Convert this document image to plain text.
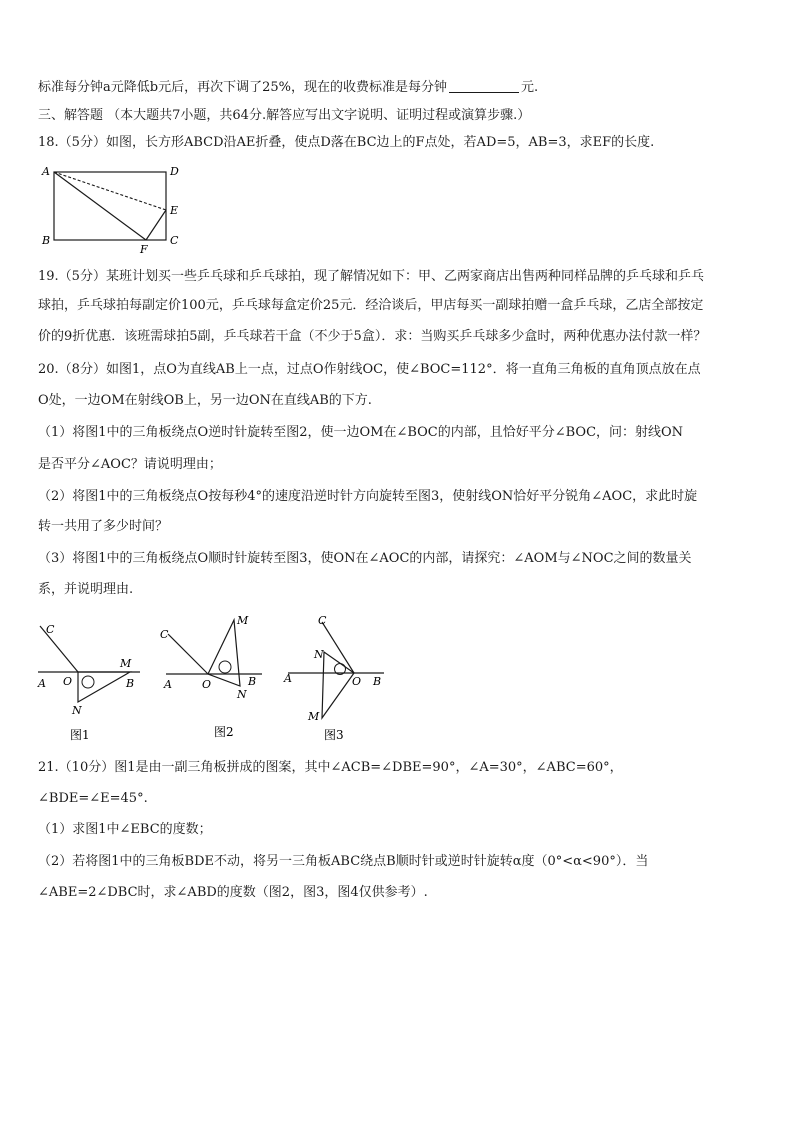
标准每分钟a元降低b元后，再次下调了25%，现在的收费标准是每分钟	元.
三、解答题 （本大题共7小题，共64分.解答应写出文字说明、证明过程或演算步骤.）
18.（5分）如图，长方形ABCD沿AE折叠，使点D落在BC边上的F点处，若AD=5，AB=3，求EF的长度.
A
B	C
D
E
F
19.（5分）某班计划买一些乒乓球和乒乓球拍，现了解情况如下：甲、乙两家商店出售两种同样品牌的乒乓球和乒乓
球拍，乒乓球拍每副定价100元，乒乓球每盒定价25元．经洽谈后，甲店每买一副球拍赠一盒乒乓球，乙店全部按定
价的9折优惠．该班需球拍5副，乒乓球若干盒（不少于5盒）．求：当购买乒乓球多少盒时，两种优惠办法付款一样？
20.（8分）如图1，点O为直线AB上一点，过点O作射线OC，使∠BOC=112°．将一直角三角板的直角顶点放在点
O处，一边OM在射线OB上，另一边ON在直线AB的下方.
（1）将图1中的三角板绕点O逆时针旋转至图2，使一边OM在∠BOC的内部，且恰好平分∠BOC，问：射线ON
是否平分∠AOC？请说明理由；
（2）将图1中的三角板绕点O按每秒4°的速度沿逆时针方向旋转至图3，使射线ON恰好平分锐角∠AOC，求此时旋
转一共用了多少时间？
（3）将图1中的三角板绕点O顺时针旋转至图3，使ON在∠AOC的内部，请探究：∠AOM与∠NOC之间的数量关
系，并说明理由.
C
A O	B
M
N
图1
C
A	O	B
M
N
图2
C
A	O B
M
N
图3
21.（10分）图1是由一副三角板拼成的图案，其中∠ACB=∠DBE=90°，∠A=30°，∠ABC=60°，
∠BDE=∠E=45°.
（1）求图1中∠EBC的度数；
（2）若将图1中的三角板BDE不动，将另一三角板ABC绕点B顺时针或逆时针旋转α度（0°<α<90°）．当
∠ABE=2∠DBC时，求∠ABD的度数（图2，图3，图4仅供参考）.
